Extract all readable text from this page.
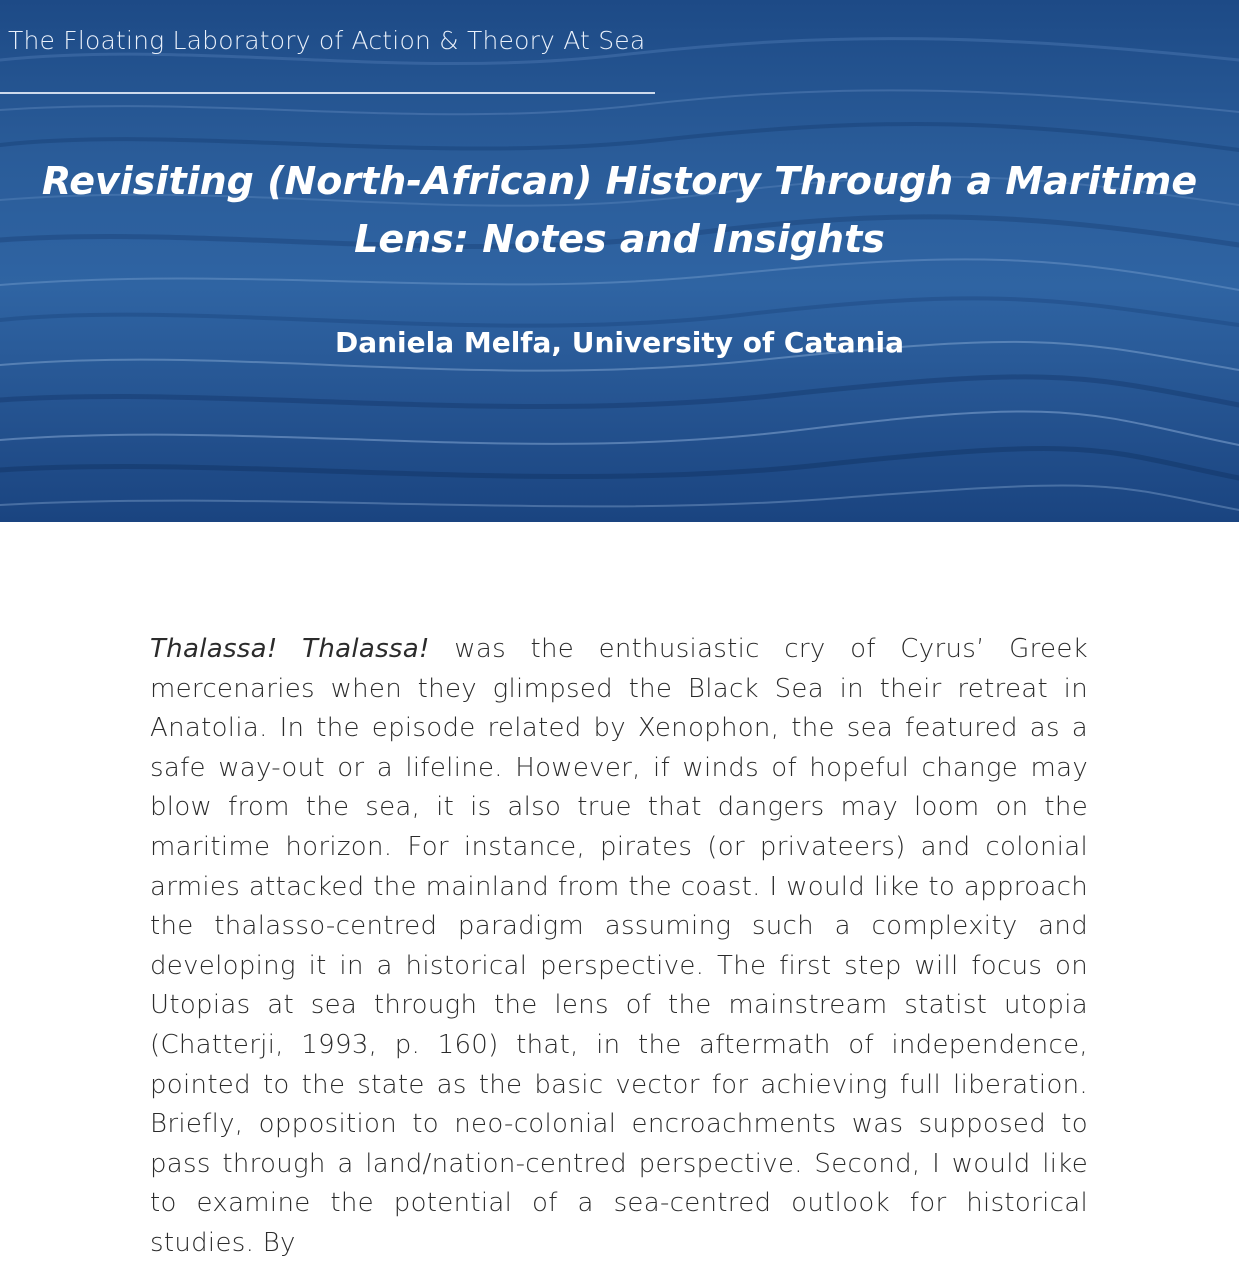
The Floating Laboratory of Action & Theory At Sea
Revisiting (North-African) History Through a Maritime Lens: Notes and Insights
Daniela Melfa, University of Catania

Thalassa! Thalassa! was the enthusiastic cry of Cyrus’ Greek mercenaries when they glimpsed the Black Sea in their retreat in Anatolia. In the episode related by Xenophon, the sea featured as a safe way-out or a lifeline. However, if winds of hopeful change may blow from the sea, it is also true that dangers may loom on the maritime horizon. For instance, pirates (or privateers) and colonial armies attacked the mainland from the coast. I would like to approach the thalasso-centred paradigm assuming such a complexity and developing it in a historical perspective. The first step will focus on Utopias at sea through the lens of the mainstream statist utopia (Chatterji, 1993, p. 160) that, in the aftermath of independence, pointed to the state as the basic vector for achieving full liberation. Briefly, opposition to neo-colonial encroachments was supposed to pass through a land/nation-centred perspective. Second, I would like to examine the potential of a sea-centred outlook for historical studies. By
